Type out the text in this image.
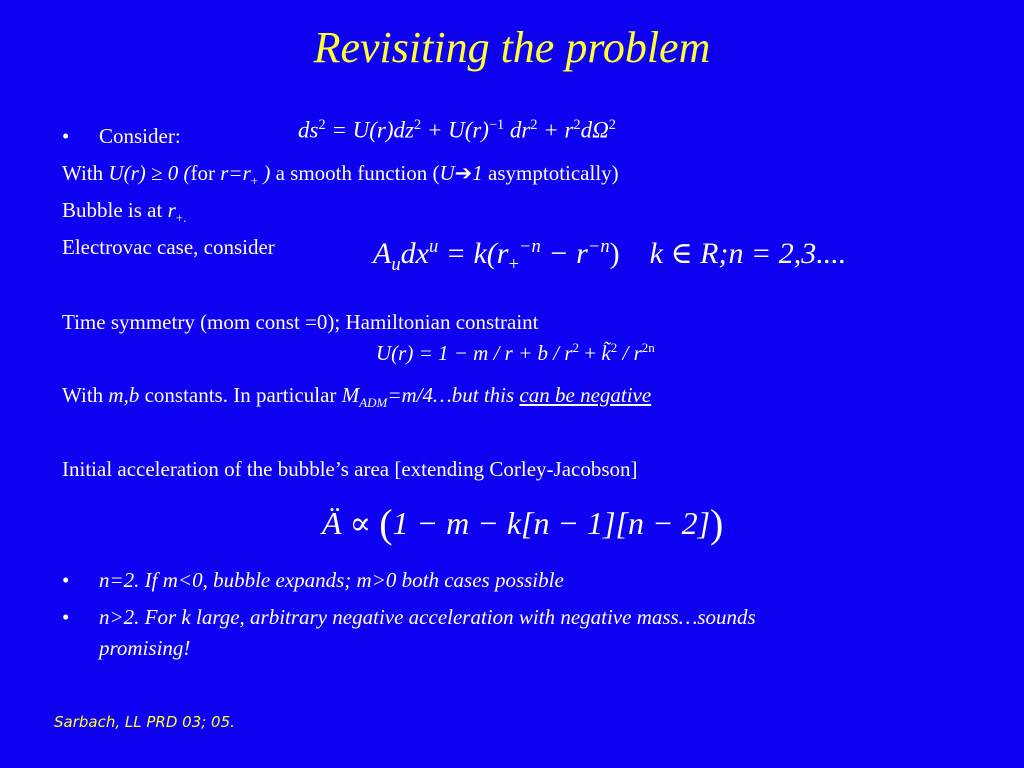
Revisiting the problem
• Consider:	$ds^2 = U(r)dz^2 + U(r)^{-1}$ $dr^2 + r^2d\Omega^2$
With U(r) ≥ 0 (for $r=r_+$ ) a smooth function (U➔1 asymptotically)
Bubble is at $r_{+.}$
Electrovac case, consider	$A_udx^u = k(r_+^{-n} - r^{-n})$ k ∈ R;n = 2,3....
Time symmetry (mom const =0); Hamiltonian constraint
$U(r) = 1 - m / r + b / r^2$ + k̃$^2$ / $r^{2n}$
With m,b constants. In particular $M_{ADM}=m/4\dots but$ this can be negative
Initial acceleration of the bubble’s area [extending Corley-Jacobson]
Ä ∝ (1 − m − k[n − 1][n − 2])
• n=2. If m<0, bubble expands; m>0 both cases possible
• n>2. For k large, arbitrary negative acceleration with negative mass…sounds
promising!
Sarbach, LL PRD 03; 05.
